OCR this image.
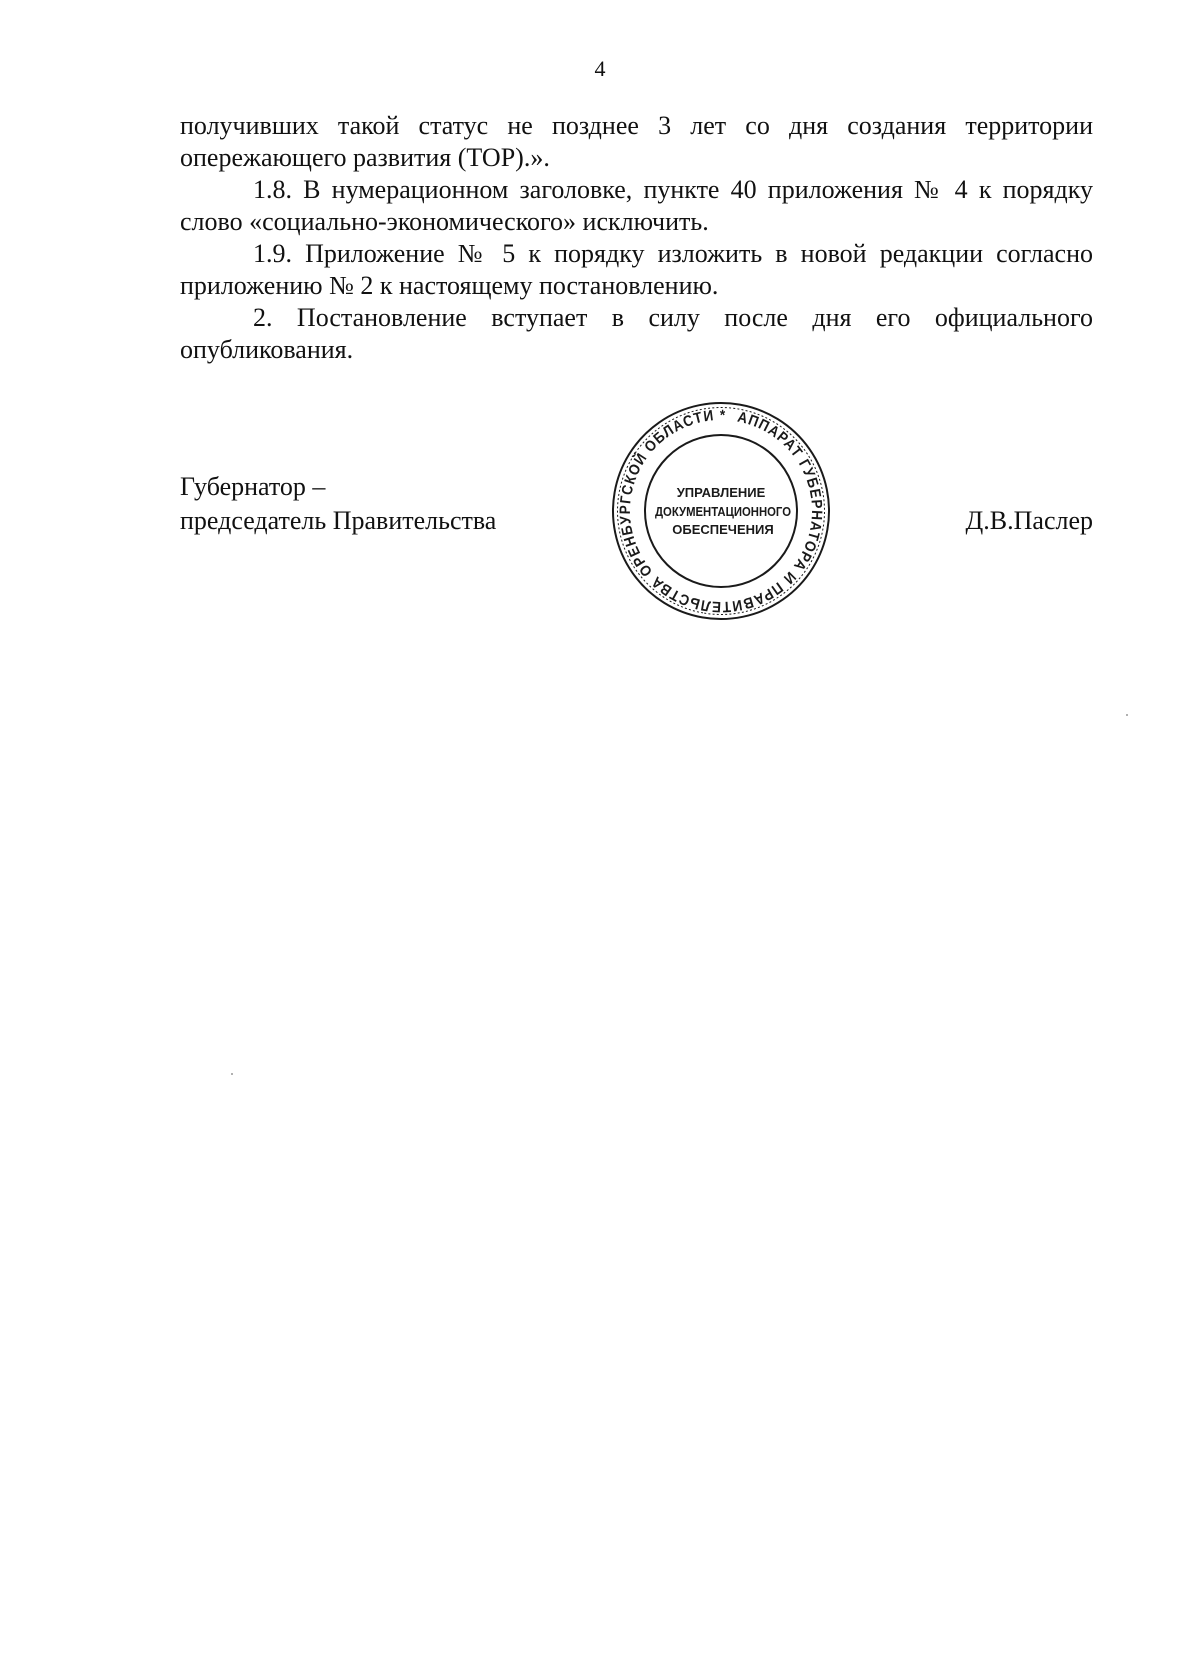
4

получивших такой статус не позднее 3 лет со дня создания территории опережающего развития (ТОР).».

1.8. В нумерационном заголовке, пункте 40 приложения № 4 к порядку слово «социально-экономического» исключить.

1.9. Приложение № 5 к порядку изложить в новой редакции согласно приложению № 2 к настоящему постановлению.

2. Постановление вступает в силу после дня его официального опубликования.

Губернатор –
председатель Правительства	Д.В.Паслер
АППАРАТ ГУБЕРНАТОРА И ПРАВИТЕЛЬСТВА ОРЕНБУРГСКОЙ ОБЛАСТИ *
УПРАВЛЕНИЕ
ДОКУМЕНТАЦИОННОГО
ОБЕСПЕЧЕНИЯ
